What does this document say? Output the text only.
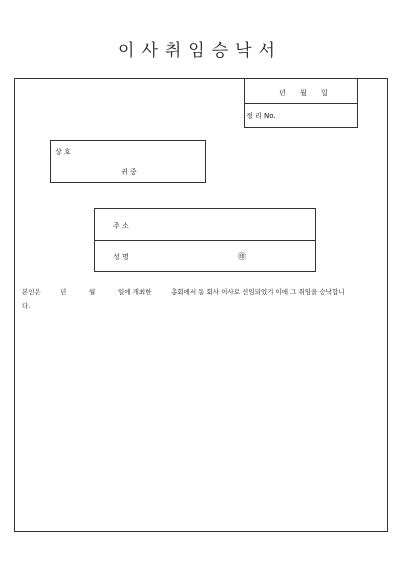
이사취임승낙서
년 월 일
정 리 No.
상 호
귀 중
주 소
성 명	㊞
본인은	년	월	일에 개최한	총회에서 동 회사 이사로 선임되었기 이에 그 취임을 승낙합니
다.
